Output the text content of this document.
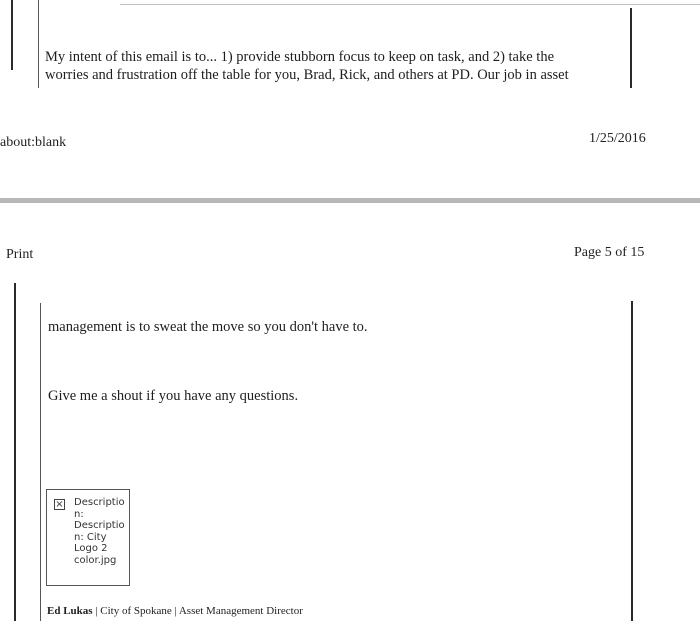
My intent of this email is to... 1) provide stubborn focus to keep on task, and 2) take the
worries and frustration off the table for you, Brad, Rick, and others at PD. Our job in asset
about:blank	1/25/2016
Print	Page 5 of 15
management is to sweat the move so you don't have to.
Give me a shout if you have any questions.
× Descriptio
n:
Descriptio
n: City
Logo 2
color.jpg
Ed Lukas | City of Spokane | Asset Management Director
